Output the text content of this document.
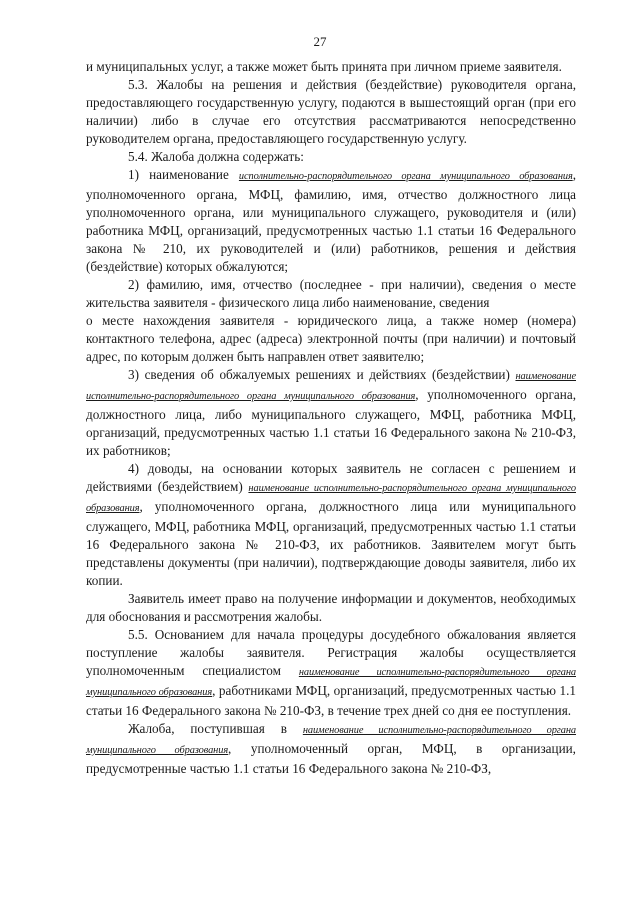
27

и муниципальных услуг, а также может быть принята при личном приеме заявителя.

5.3. Жалобы на решения и действия (бездействие) руководителя органа, предоставляющего государственную услугу, подаются в вышестоящий орган (при его наличии) либо в случае его отсутствия рассматриваются непосредственно руководителем органа, предоставляющего государственную услугу.

5.4. Жалоба должна содержать:

1) наименование исполнительно-распорядительного органа муниципального образования, уполномоченного органа, МФЦ, фамилию, имя, отчество должностного лица уполномоченного органа, или муниципального служащего, руководителя и (или) работника МФЦ, организаций, предусмотренных частью 1.1 статьи 16 Федерального закона № 210, их руководителей и (или) работников, решения и действия (бездействие) которых обжалуются;

2) фамилию, имя, отчество (последнее - при наличии), сведения о месте жительства заявителя - физического лица либо наименование, сведения

о месте нахождения заявителя - юридического лица, а также номер (номера) контактного телефона, адрес (адреса) электронной почты (при наличии) и почтовый адрес, по которым должен быть направлен ответ заявителю;

3) сведения об обжалуемых решениях и действиях (бездействии) наименование исполнительно-распорядительного органа муниципального образования, уполномоченного органа, должностного лица, либо муниципального служащего, МФЦ, работника МФЦ, организаций, предусмотренных частью 1.1 статьи 16 Федерального закона № 210-ФЗ, их работников;

4) доводы, на основании которых заявитель не согласен с решением и действиями (бездействием) наименование исполнительно-распорядительного органа муниципального образования, уполномоченного органа, должностного лица или муниципального служащего, МФЦ, работника МФЦ, организаций, предусмотренных частью 1.1 статьи 16 Федерального закона № 210-ФЗ, их работников. Заявителем могут быть представлены документы (при наличии), подтверждающие доводы заявителя, либо их копии.

Заявитель имеет право на получение информации и документов, необходимых для обоснования и рассмотрения жалобы.

5.5. Основанием для начала процедуры досудебного обжалования является поступление жалобы заявителя. Регистрация жалобы осуществляется уполномоченным специалистом наименование исполнительно-распорядительного органа муниципального образования, работниками МФЦ, организаций, предусмотренных частью 1.1 статьи 16 Федерального закона № 210-ФЗ, в течение трех дней со дня ее поступления.

Жалоба, поступившая в наименование исполнительно-распорядительного органа муниципального образования, уполномоченный орган, МФЦ, в организации, предусмотренные частью 1.1 статьи 16 Федерального закона № 210-ФЗ,
